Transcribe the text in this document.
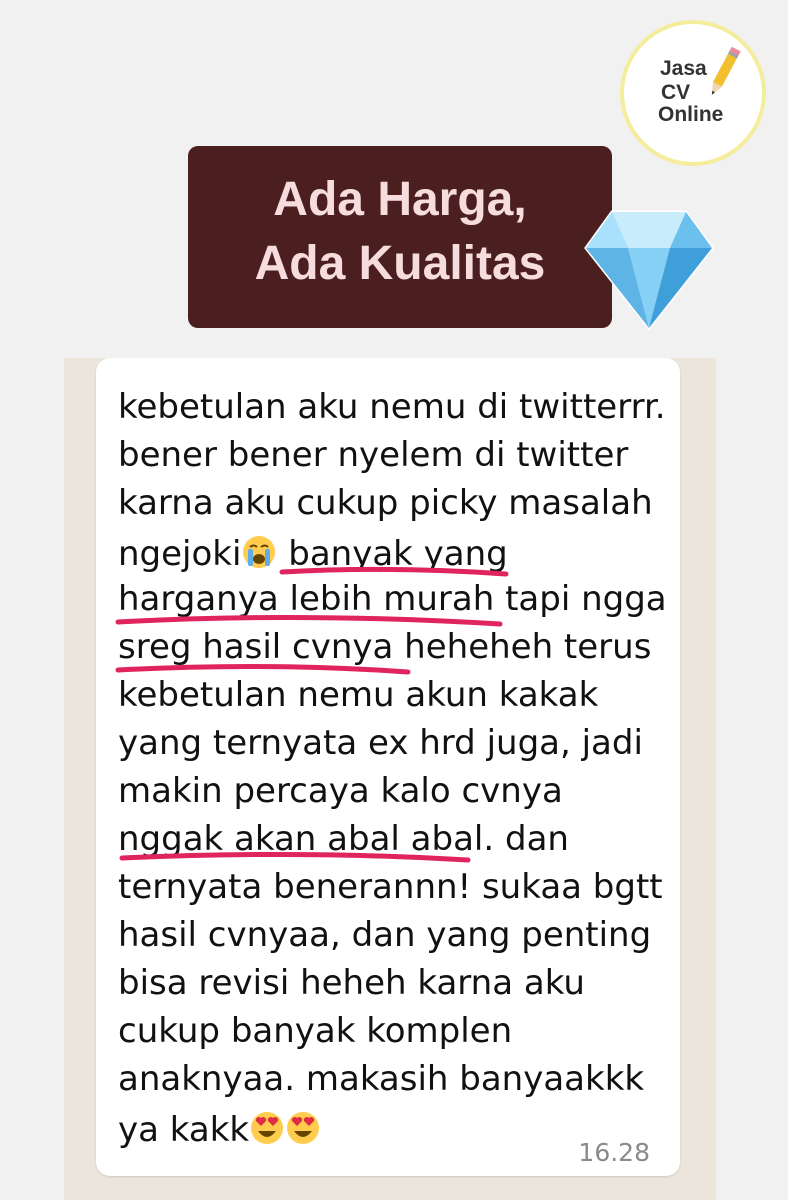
Jasa
CV
Online
Ada Harga,
Ada Kualitas
kebetulan aku nemu di twitterrr.
bener bener nyelem di twitter
karna aku cukup picky masalah
ngejoki banyak yang
harganya lebih murah tapi ngga
sreg hasil cvnya heheheh terus
kebetulan nemu akun kakak
yang ternyata ex hrd juga, jadi
makin percaya kalo cvnya
nggak akan abal abal. dan
ternyata benerannn! sukaa bgtt
hasil cvnyaa, dan yang penting
bisa revisi heheh karna aku
cukup banyak komplen
anaknyaa. makasih banyaakkk
ya kakk
16.28
